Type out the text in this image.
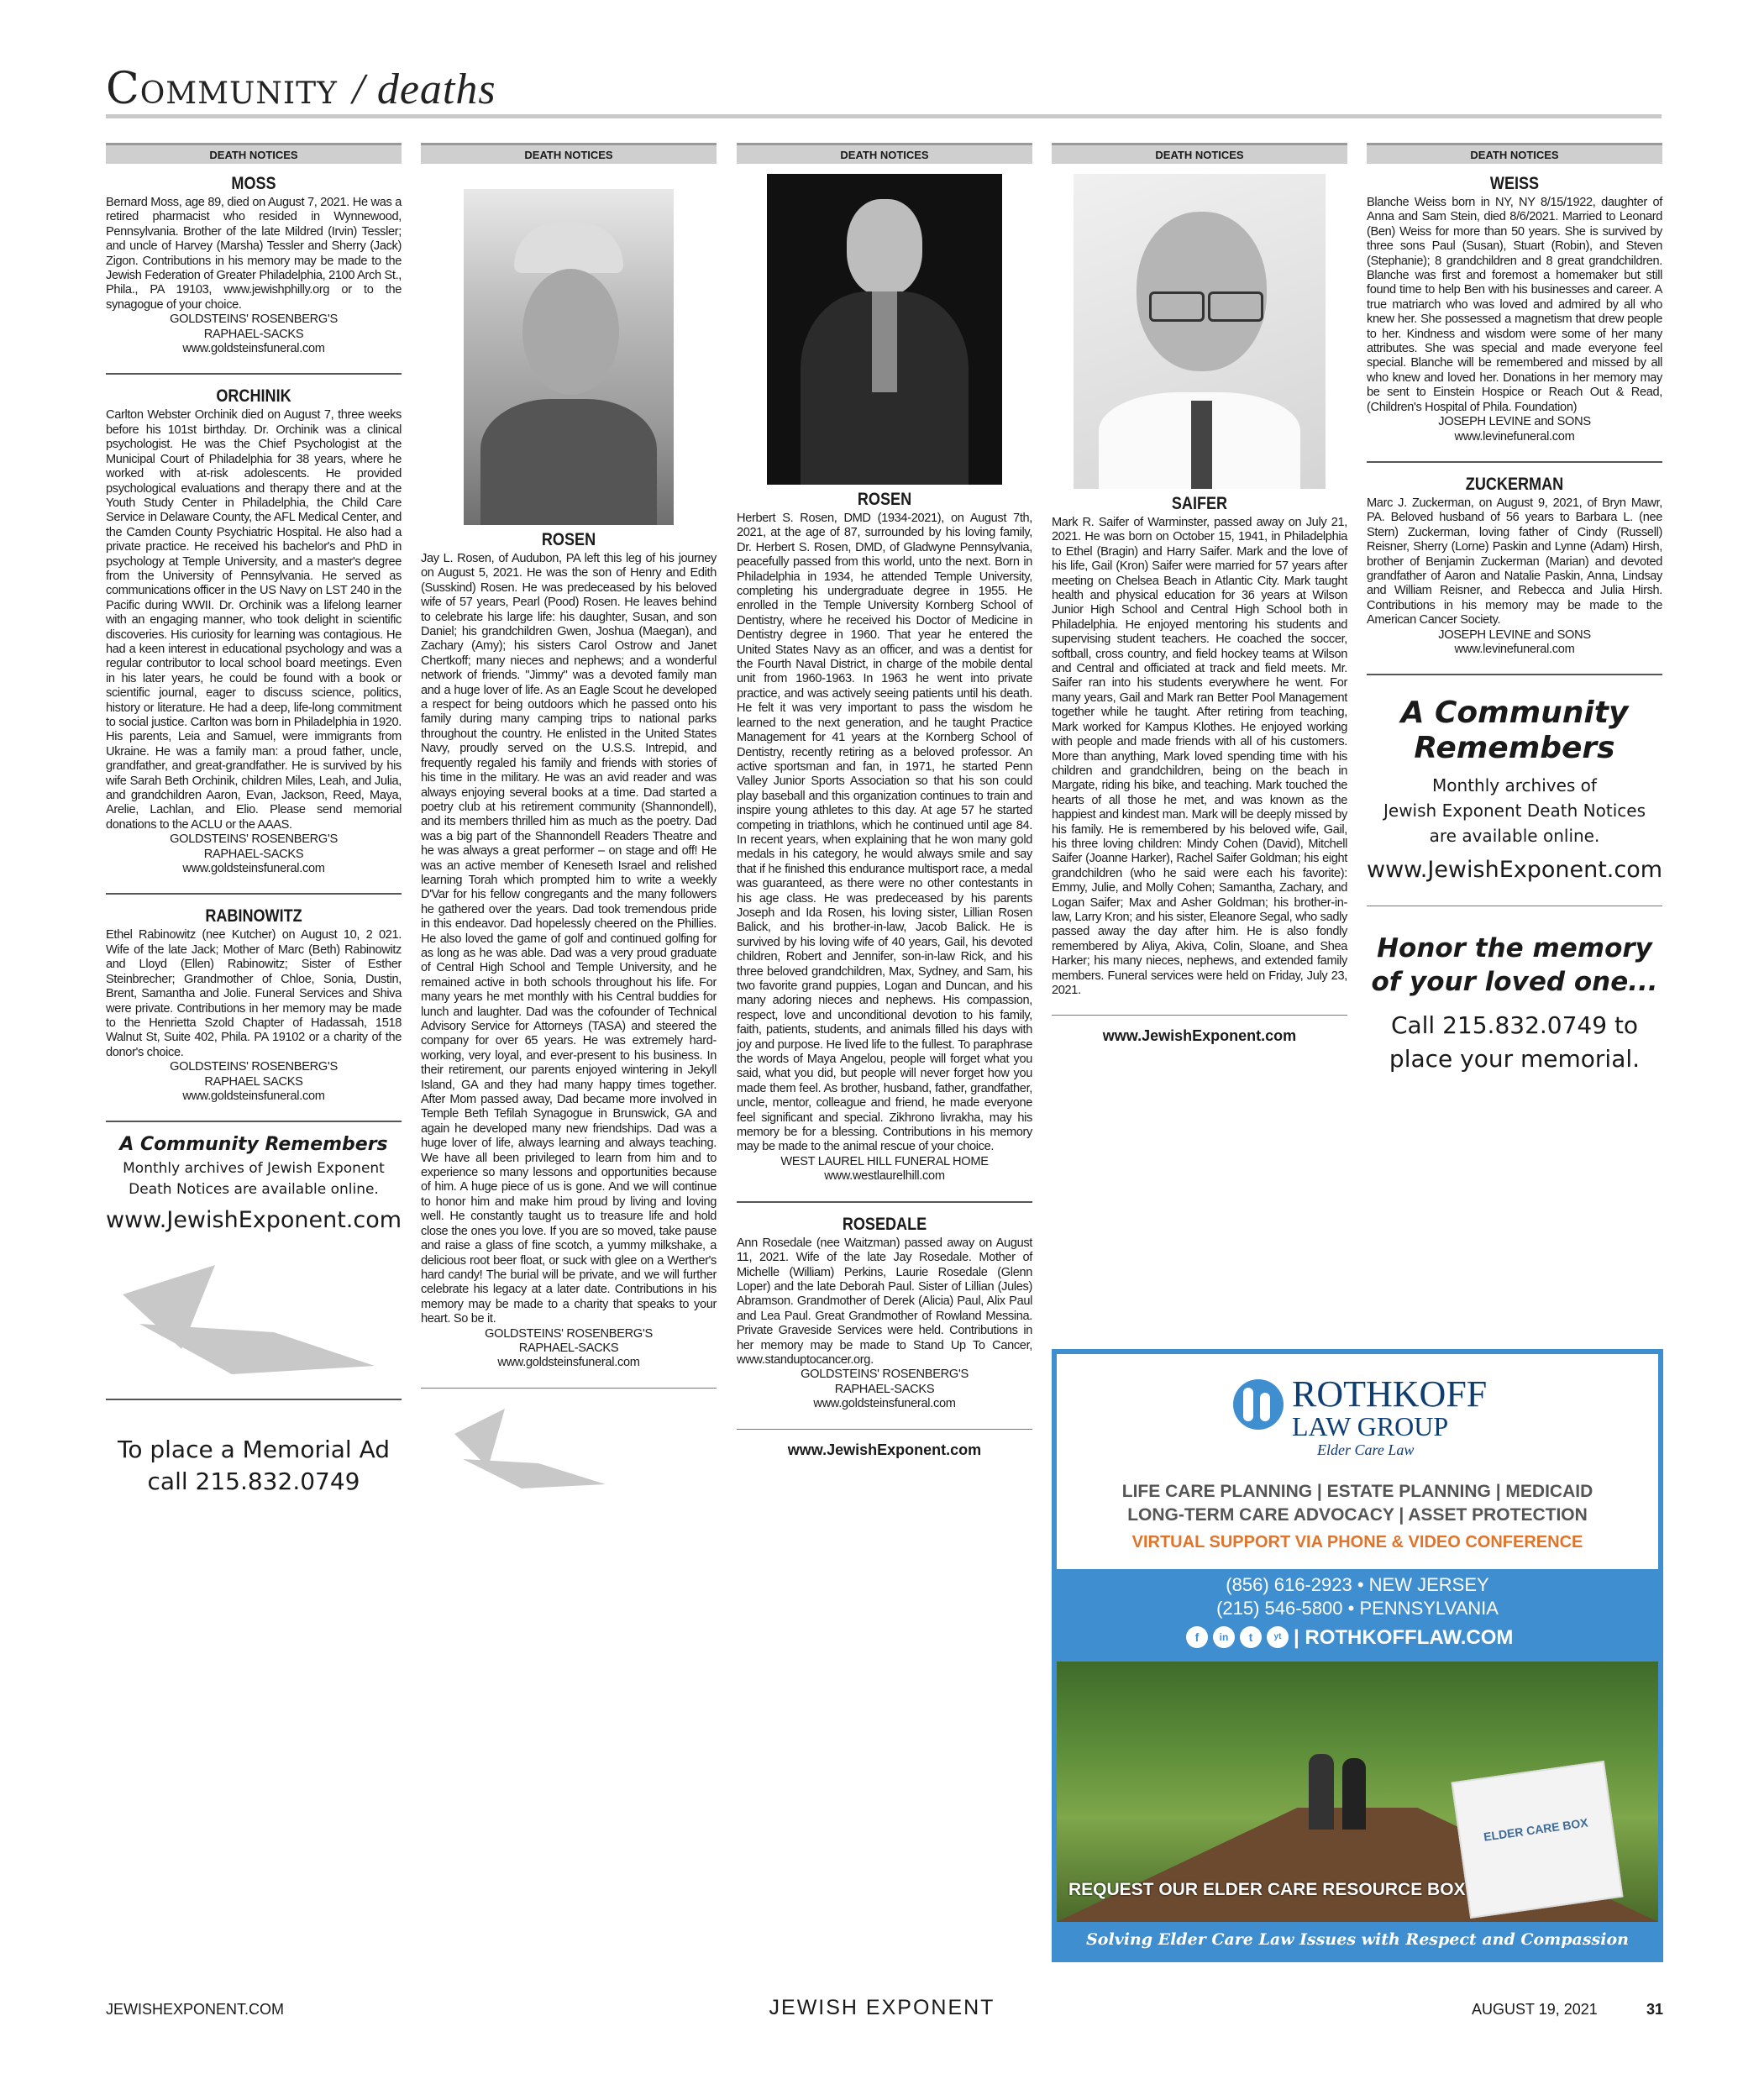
Community / deaths
DEATH NOTICES
MOSS
Bernard Moss, age 89, died on August 7, 2021. He was a retired pharmacist who resided in Wynnewood, Pennsylvania. Brother of the late Mildred (Irvin) Tessler; and uncle of Harvey (Marsha) Tessler and Sherry (Jack) Zigon. Contributions in his memory may be made to the Jewish Federation of Greater Philadelphia, 2100 Arch St., Phila., PA 19103, www.jewishphilly.org or to the synagogue of your choice.
GOLDSTEINS' ROSENBERG'S
RAPHAEL-SACKS
www.goldsteinsfuneral.com
ORCHINIK
Carlton Webster Orchinik died on August 7, three weeks before his 101st birthday. Dr. Orchinik was a clinical psychologist. He was the Chief Psychologist at the Municipal Court of Philadelphia for 38 years, where he worked with at-risk adolescents. He provided psychological evaluations and therapy there and at the Youth Study Center in Philadelphia, the Child Care Service in Delaware County, the AFL Medical Center, and the Camden County Psychiatric Hospital. He also had a private practice. He received his bachelor's and PhD in psychology at Temple University, and a master's degree from the University of Pennsylvania. He served as communications officer in the US Navy on LST 240 in the Pacific during WWII. Dr. Orchinik was a lifelong learner with an engaging manner, who took delight in scientific discoveries. His curiosity for learning was contagious. He had a keen interest in educational psychology and was a regular contributor to local school board meetings. Even in his later years, he could be found with a book or scientific journal, eager to discuss science, politics, history or literature. He had a deep, life-long commitment to social justice. Carlton was born in Philadelphia in 1920. His parents, Leia and Samuel, were immigrants from Ukraine. He was a family man: a proud father, uncle, grandfather, and great-grandfather. He is survived by his wife Sarah Beth Orchinik, children Miles, Leah, and Julia, and grandchildren Aaron, Evan, Jackson, Reed, Maya, Arelie, Lachlan, and Elio. Please send memorial donations to the ACLU or the AAAS.
GOLDSTEINS' ROSENBERG'S
RAPHAEL-SACKS
www.goldsteinsfuneral.com
RABINOWITZ
Ethel Rabinowitz (nee Kutcher) on August 10, 2 021. Wife of the late Jack; Mother of Marc (Beth) Rabinowitz and Lloyd (Ellen) Rabinowitz; Sister of Esther Steinbrecher; Grandmother of Chloe, Sonia, Dustin, Brent, Samantha and Jolie. Funeral Services and Shiva were private. Contributions in her memory may be made to the Henrietta Szold Chapter of Hadassah, 1518 Walnut St, Suite 402, Phila. PA 19102 or a charity of the donor's choice.
GOLDSTEINS' ROSENBERG'S
RAPHAEL SACKS
www.goldsteinsfuneral.com
A Community Remembers
Monthly archives of Jewish Exponent Death Notices are available online.
www.JewishExponent.com
To place a Memorial Ad
call 215.832.0749
DEATH NOTICES
ROSEN
Jay L. Rosen, of Audubon, PA left this leg of his journey on August 5, 2021. He was the son of Henry and Edith (Susskind) Rosen. He was predeceased by his beloved wife of 57 years, Pearl (Pood) Rosen. He leaves behind to celebrate his large life: his daughter, Susan, and son Daniel; his grandchildren Gwen, Joshua (Maegan), and Zachary (Amy); his sisters Carol Ostrow and Janet Chertkoff; many nieces and nephews; and a wonderful network of friends. "Jimmy" was a devoted family man and a huge lover of life. As an Eagle Scout he developed a respect for being outdoors which he passed onto his family during many camping trips to national parks throughout the country. He enlisted in the United States Navy, proudly served on the U.S.S. Intrepid, and frequently regaled his family and friends with stories of his time in the military. He was an avid reader and was always enjoying several books at a time. Dad started a poetry club at his retirement community (Shannondell), and its members thrilled him as much as the poetry. Dad was a big part of the Shannondell Readers Theatre and he was always a great performer – on stage and off! He was an active member of Keneseth Israel and relished learning Torah which prompted him to write a weekly D'Var for his fellow congregants and the many followers he gathered over the years. Dad took tremendous pride in this endeavor. Dad hopelessly cheered on the Phillies. He also loved the game of golf and continued golfing for as long as he was able. Dad was a very proud graduate of Central High School and Temple University, and he remained active in both schools throughout his life. For many years he met monthly with his Central buddies for lunch and laughter. Dad was the cofounder of Technical Advisory Service for Attorneys (TASA) and steered the company for over 65 years. He was extremely hard-working, very loyal, and ever-present to his business. In their retirement, our parents enjoyed wintering in Jekyll Island, GA and they had many happy times together. After Mom passed away, Dad became more involved in Temple Beth Tefilah Synagogue in Brunswick, GA and again he developed many new friendships. Dad was a huge lover of life, always learning and always teaching. We have all been privileged to learn from him and to experience so many lessons and opportunities because of him. A huge piece of us is gone. And we will continue to honor him and make him proud by living and loving well. He constantly taught us to treasure life and hold close the ones you love. If you are so moved, take pause and raise a glass of fine scotch, a yummy milkshake, a delicious root beer float, or suck with glee on a Werther's hard candy! The burial will be private, and we will further celebrate his legacy at a later date. Contributions in his memory may be made to a charity that speaks to your heart. So be it.
GOLDSTEINS' ROSENBERG'S
RAPHAEL-SACKS
www.goldsteinsfuneral.com
DEATH NOTICES
ROSEN
Herbert S. Rosen, DMD (1934-2021), on August 7th, 2021, at the age of 87, surrounded by his loving family, Dr. Herbert S. Rosen, DMD, of Gladwyne Pennsylvania, peacefully passed from this world, unto the next. Born in Philadelphia in 1934, he attended Temple University, completing his undergraduate degree in 1955. He enrolled in the Temple University Kornberg School of Dentistry, where he received his Doctor of Medicine in Dentistry degree in 1960. That year he entered the United States Navy as an officer, and was a dentist for the Fourth Naval District, in charge of the mobile dental unit from 1960-1963. In 1963 he went into private practice, and was actively seeing patients until his death. He felt it was very important to pass the wisdom he learned to the next generation, and he taught Practice Management for 41 years at the Kornberg School of Dentistry, recently retiring as a beloved professor. An active sportsman and fan, in 1971, he started Penn Valley Junior Sports Association so that his son could play baseball and this organization continues to train and inspire young athletes to this day. At age 57 he started competing in triathlons, which he continued until age 84. In recent years, when explaining that he won many gold medals in his category, he would always smile and say that if he finished this endurance multisport race, a medal was guaranteed, as there were no other contestants in his age class. He was predeceased by his parents Joseph and Ida Rosen, his loving sister, Lillian Rosen Balick, and his brother-in-law, Jacob Balick. He is survived by his loving wife of 40 years, Gail, his devoted children, Robert and Jennifer, son-in-law Rick, and his three beloved grandchildren, Max, Sydney, and Sam, his two favorite grand puppies, Logan and Duncan, and his many adoring nieces and nephews. His compassion, respect, love and unconditional devotion to his family, faith, patients, students, and animals filled his days with joy and purpose. He lived life to the fullest. To paraphrase the words of Maya Angelou, people will forget what you said, what you did, but people will never forget how you made them feel. As brother, husband, father, grandfather, uncle, mentor, colleague and friend, he made everyone feel significant and special. Zikhrono livrakha, may his memory be for a blessing. Contributions in his memory may be made to the animal rescue of your choice.
WEST LAUREL HILL FUNERAL HOME
www.westlaurelhill.com
ROSEDALE
Ann Rosedale (nee Waitzman) passed away on August 11, 2021. Wife of the late Jay Rosedale. Mother of Michelle (William) Perkins, Laurie Rosedale (Glenn Loper) and the late Deborah Paul. Sister of Lillian (Jules) Abramson. Grandmother of Derek (Alicia) Paul, Alix Paul and Lea Paul. Great Grandmother of Rowland Messina. Private Graveside Services were held. Contributions in her memory may be made to Stand Up To Cancer, www.standuptocancer.org.
GOLDSTEINS' ROSENBERG'S
RAPHAEL-SACKS
www.goldsteinsfuneral.com
www.JewishExponent.com
DEATH NOTICES
SAIFER
Mark R. Saifer of Warminster, passed away on July 21, 2021. He was born on October 15, 1941, in Philadelphia to Ethel (Bragin) and Harry Saifer. Mark and the love of his life, Gail (Kron) Saifer were married for 57 years after meeting on Chelsea Beach in Atlantic City. Mark taught health and physical education for 36 years at Wilson Junior High School and Central High School both in Philadelphia. He enjoyed mentoring his students and supervising student teachers. He coached the soccer, softball, cross country, and field hockey teams at Wilson and Central and officiated at track and field meets. Mr. Saifer ran into his students everywhere he went. For many years, Gail and Mark ran Better Pool Management together while he taught. After retiring from teaching, Mark worked for Kampus Klothes. He enjoyed working with people and made friends with all of his customers. More than anything, Mark loved spending time with his children and grandchildren, being on the beach in Margate, riding his bike, and teaching. Mark touched the hearts of all those he met, and was known as the happiest and kindest man. Mark will be deeply missed by his family. He is remembered by his beloved wife, Gail, his three loving children: Mindy Cohen (David), Mitchell Saifer (Joanne Harker), Rachel Saifer Goldman; his eight grandchildren (who he said were each his favorite): Emmy, Julie, and Molly Cohen; Samantha, Zachary, and Logan Saifer; Max and Asher Goldman; his brother-in-law, Larry Kron; and his sister, Eleanore Segal, who sadly passed away the day after him. He is also fondly remembered by Aliya, Akiva, Colin, Sloane, and Shea Harker; his many nieces, nephews, and extended family members. Funeral services were held on Friday, July 23, 2021.
www.JewishExponent.com
DEATH NOTICES
WEISS
Blanche Weiss born in NY, NY 8/15/1922, daughter of Anna and Sam Stein, died 8/6/2021. Married to Leonard (Ben) Weiss for more than 50 years. She is survived by three sons Paul (Susan), Stuart (Robin), and Steven (Stephanie); 8 grandchildren and 8 great grandchildren. Blanche was first and foremost a homemaker but still found time to help Ben with his businesses and career. A true matriarch who was loved and admired by all who knew her. She possessed a magnetism that drew people to her. Kindness and wisdom were some of her many attributes. She was special and made everyone feel special. Blanche will be remembered and missed by all who knew and loved her. Donations in her memory may be sent to Einstein Hospice or Reach Out & Read, (Children's Hospital of Phila. Foundation)
JOSEPH LEVINE and SONS
www.levinefuneral.com
ZUCKERMAN
Marc J. Zuckerman, on August 9, 2021, of Bryn Mawr, PA. Beloved husband of 56 years to Barbara L. (nee Stern) Zuckerman, loving father of Cindy (Russell) Reisner, Sherry (Lorne) Paskin and Lynne (Adam) Hirsh, brother of Benjamin Zuckerman (Marian) and devoted grandfather of Aaron and Natalie Paskin, Anna, Lindsay and William Reisner, and Rebecca and Julia Hirsh. Contributions in his memory may be made to the American Cancer Society.
JOSEPH LEVINE and SONS
www.levinefuneral.com
A Community
Remembers
Monthly archives of
Jewish Exponent Death Notices
are available online.
www.JewishExponent.com
Honor the memory
of your loved one...
Call 215.832.0749 to
place your memorial.
ROTHKOFF
LAW GROUP
Elder Care Law
LIFE CARE PLANNING | ESTATE PLANNING | MEDICAID
LONG-TERM CARE ADVOCACY | ASSET PROTECTION
VIRTUAL SUPPORT VIA PHONE & VIDEO CONFERENCE
(856) 616-2923 • NEW JERSEY
(215) 546-5800 • PENNSYLVANIA
f	in	t	yt | ROTHKOFFLAW.COM
ELDER CARE BOX
REQUEST OUR ELDER CARE RESOURCE BOX
Solving Elder Care Law Issues with Respect and Compassion
JEWISHEXPONENT.COM	JEWISH EXPONENT	AUGUST 19, 2021	31
